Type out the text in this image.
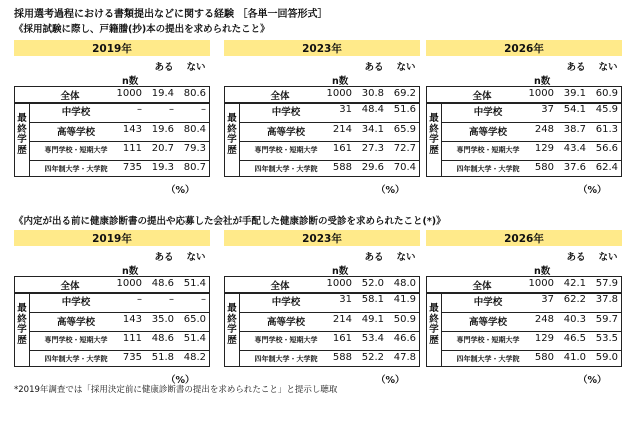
採用選考過程における書類提出などに関する経験 ［各単一回答形式］
《採用試験に際し、戸籍謄(抄)本の提出を求められたこと》
《内定が出る前に健康診断書の提出や応募した会社が手配した健康診断の受診を求められたこと(*)》
2019年
ある ない
n数
最
終
学
歴
全体	1000 19.4 80.6
中学校	–	–	–
高等学校	143 19.6 80.4
専門学校・短期大学	111 20.7 79.3
四年制大学・大学院	735 19.3 80.7
（%）
2023年
ある ない
n数
最
終
学
歴
全体	1000 30.8 69.2
中学校	31 48.4 51.6
高等学校	214 34.1 65.9
専門学校・短期大学	161 27.3 72.7
四年制大学・大学院	588 29.6 70.4
（%）
2026年
ある ない
n数
最
終
学
歴
全体	1000 39.1 60.9
中学校	37 54.1 45.9
高等学校	248 38.7 61.3
専門学校・短期大学	129 43.4 56.6
四年制大学・大学院	580 37.6 62.4
（%）
2019年
ある ない
n数
最
終
学
歴
全体	1000 48.6 51.4
中学校	–	–	–
高等学校	143 35.0 65.0
専門学校・短期大学	111 48.6 51.4
四年制大学・大学院	735 51.8 48.2
（%）
2023年
ある ない
n数
最
終
学
歴
全体	1000 52.0 48.0
中学校	31 58.1 41.9
高等学校	214 49.1 50.9
専門学校・短期大学	161 53.4 46.6
四年制大学・大学院	588 52.2 47.8
（%）
2026年
ある ない
n数
最
終
学
歴
全体	1000 42.1 57.9
中学校	37 62.2 37.8
高等学校	248 40.3 59.7
専門学校・短期大学	129 46.5 53.5
四年制大学・大学院	580 41.0 59.0
（%）
*2019年調査では「採用決定前に健康診断書の提出を求められたこと」と提示し聴取
